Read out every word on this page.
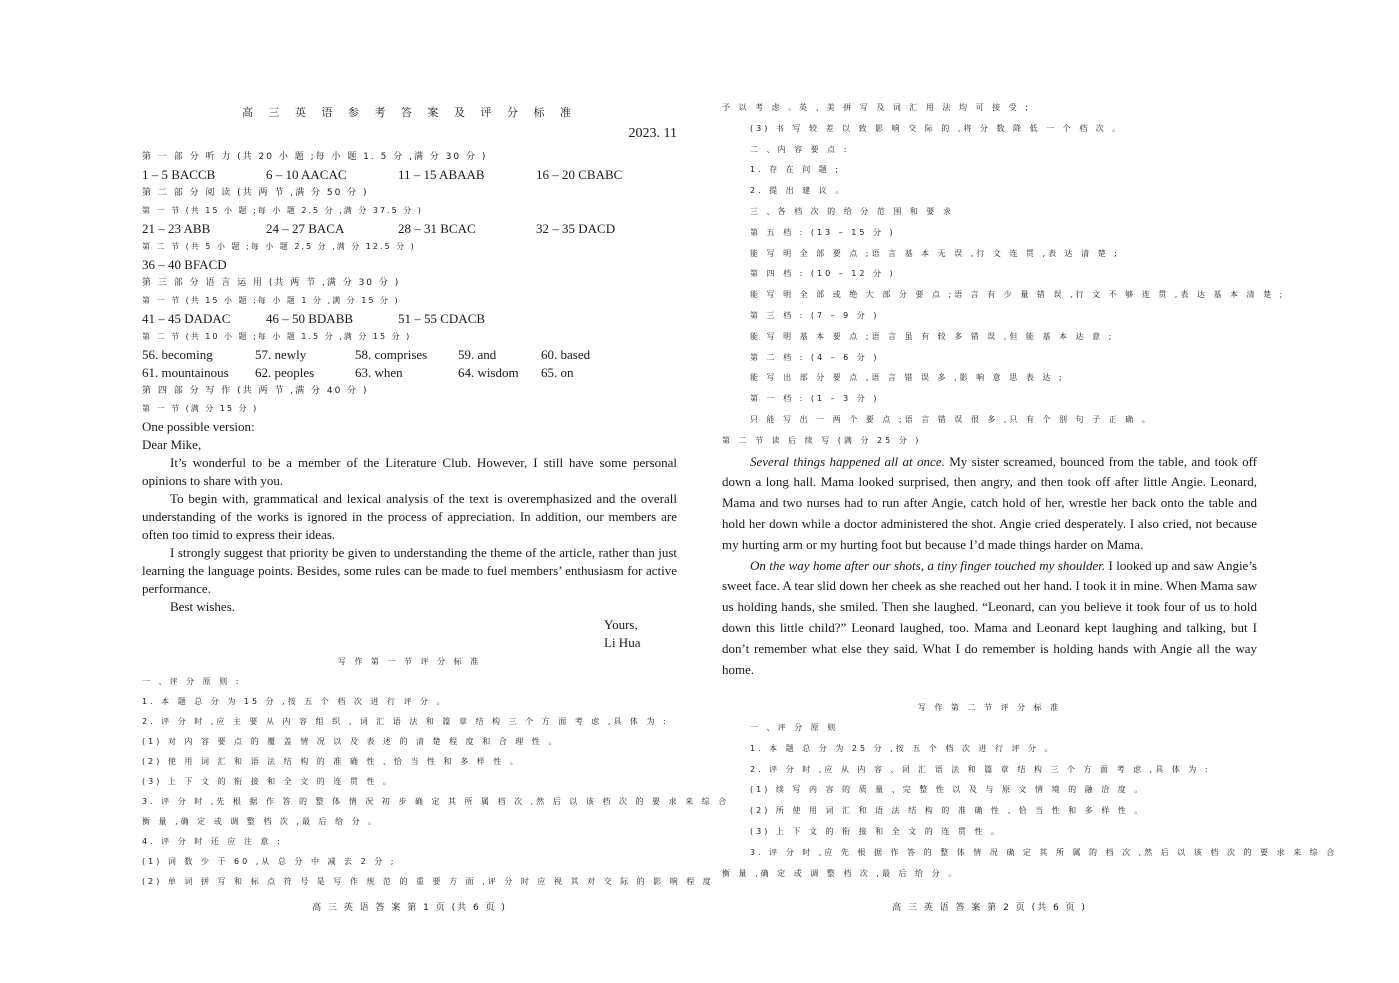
高 三 英 语 参 考 答 案 及 评 分 标 准
2023. 11
第 一 部 分 听 力 (共 20 小 题 ;每 小 题 1. 5 分 ,满 分 30 分 )
1 – 5 BACCB	6 – 10 AACAC	11 – 15 ABAAB	16 – 20 CBABC
第 二 部 分 阅 读 (共 两 节 ,满 分 50 分 )
第 一 节 (共 15 小 题 ;每 小 题 2.5 分 ,满 分 37.5 分 )
21 – 23 ABB	24 – 27 BACA	28 – 31 BCAC	32 – 35 DACD
第 二 节 (共 5 小 题 ;每 小 题 2.5 分 ,满 分 12.5 分 )
36 – 40 BFACD
第 三 部 分 语 言 运 用 (共 两 节 ,满 分 30 分 )
第 一 节 (共 15 小 题 ;每 小 题 1 分 ,满 分 15 分 )
41 – 45 DADAC	46 – 50 BDABB	51 – 55 CDACB
第 二 节 (共 10 小 题 ;每 小 题 1.5 分 ,满 分 15 分 )
56. becoming	57. newly	58. comprises	59. and	60. based
61. mountainous	62. peoples	63. when	64. wisdom	65. on
第 四 部 分 写 作 (共 两 节 ,满 分 40 分 )
第 一 节 (满 分 15 分 )
One possible version:
Dear Mike,

It’s wonderful to be a member of the Literature Club. However, I still have some personal opinions to share with you.

To begin with, grammatical and lexical analysis of the text is overemphasized and the overall understanding of the works is ignored in the process of appreciation. In addition, our members are often too timid to express their ideas.

I strongly suggest that priority be given to understanding the theme of the article, rather than just learning the language points. Besides, some rules can be made to fuel members’ enthusiasm for active performance.

Best wishes.

Yours,
Li Hua
写 作 第 一 节 评 分 标 准
一 、评 分 原 则 :
1. 本 题 总 分 为 15 分 ,按 五 个 档 次 进 行 评 分 。
2. 评 分 时 ,应 主 要 从 内 容 组 织 、词 汇 语 法 和 篇 章 结 构 三 个 方 面 考 虑 ,具 体 为 :
(1) 对 内 容 要 点 的 覆 盖 情 况 以 及 表 述 的 清 楚 程 度 和 合 理 性 。
(2) 使 用 词 汇 和 语 法 结 构 的 准 确 性 、恰 当 性 和 多 样 性 。
(3) 上 下 文 的 衔 接 和 全 文 的 连 贯 性 。
3. 评 分 时 ,先 根 据 作 答 的 整 体 情 况 初 步 确 定 其 所 属 档 次 ,然 后 以 该 档 次 的 要 求 来 综 合
衡 量 ,确 定 或 调 整 档 次 ,最 后 给 分 。
4. 评 分 时 还 应 注 意 :
(1) 词 数 少 于 60 ,从 总 分 中 减 去 2 分 ;
(2) 单 词 拼 写 和 标 点 符 号 是 写 作 规 范 的 重 要 方 面 ,评 分 时 应 视 其 对 交 际 的 影 响 程 度
高 三 英 语 答 案 第 1 页 (共 6 页 )
予 以 考 虑 。英 、美 拼 写 及 词 汇 用 法 均 可 接 受 ;
(3) 书 写 较 差 以 致 影 响 交 际 的 ,将 分 数 降 低 一 个 档 次 。
二 、内 容 要 点 :
1. 存 在 问 题 ;
2. 提 出 建 议 。
三 、各 档 次 的 给 分 范 围 和 要 求
第 五 档 : (13 – 15 分 )
能 写 明 全 部 要 点 ;语 言 基 本 无 误 ,行 文 连 贯 ,表 达 清 楚 ;
第 四 档 : (10 – 12 分 )
能 写 明 全 部 或 绝 大 部 分 要 点 ;语 言 有 少 量 错 误 ,行 文 不 够 连 贯 ,表 达 基 本 清 楚 ;
第 三 档 : (7 – 9 分 )
能 写 明 基 本 要 点 ;语 言 虽 有 较 多 错 误 ,但 能 基 本 达 意 ;
第 二 档 : (4 – 6 分 )
能 写 出 部 分 要 点 ,语 言 错 误 多 ,影 响 意 思 表 达 ;
第 一 档 : (1 – 3 分 )
只 能 写 出 一 两 个 要 点 ;语 言 错 误 很 多 ,只 有 个 别 句 子 正 确 。
第 二 节 读 后 续 写 (满 分 25 分 )

Several things happened all at once. My sister screamed, bounced from the table, and took off down a long hall. Mama looked surprised, then angry, and then took off after little Angie. Leonard, Mama and two nurses had to run after Angie, catch hold of her, wrestle her back onto the table and hold her down while a doctor administered the shot. Angie cried desperately. I also cried, not because my hurting arm or my hurting foot but because I’d made things harder on Mama.

On the way home after our shots, a tiny finger touched my shoulder. I looked up and saw Angie’s sweet face. A tear slid down her cheek as she reached out her hand. I took it in mine. When Mama saw us holding hands, she smiled. Then she laughed. “Leonard, can you believe it took four of us to hold down this little child?” Leonard laughed, too. Mama and Leonard kept laughing and talking, but I don’t remember what else they said. What I do remember is holding hands with Angie all the way home.

写 作 第 二 节 评 分 标 准
一 、评 分 原 则
1. 本 题 总 分 为 25 分 ,按 五 个 档 次 进 行 评 分 。
2. 评 分 时 ,应 从 内 容 、词 汇 语 法 和 篇 章 结 构 三 个 方 面 考 虑 ,具 体 为 :
(1) 续 写 内 容 的 质 量 、完 整 性 以 及 与 原 文 情 境 的 融 洽 度 。
(2) 所 使 用 词 汇 和 语 法 结 构 的 准 确 性 、恰 当 性 和 多 样 性 。
(3) 上 下 文 的 衔 接 和 全 文 的 连 贯 性 。
3. 评 分 时 ,应 先 根 据 作 答 的 整 体 情 况 确 定 其 所 属 的 档 次 ,然 后 以 该 档 次 的 要 求 来 综 合
衡 量 ,确 定 或 调 整 档 次 ,最 后 给 分 。
高 三 英 语 答 案 第 2 页 (共 6 页 )
